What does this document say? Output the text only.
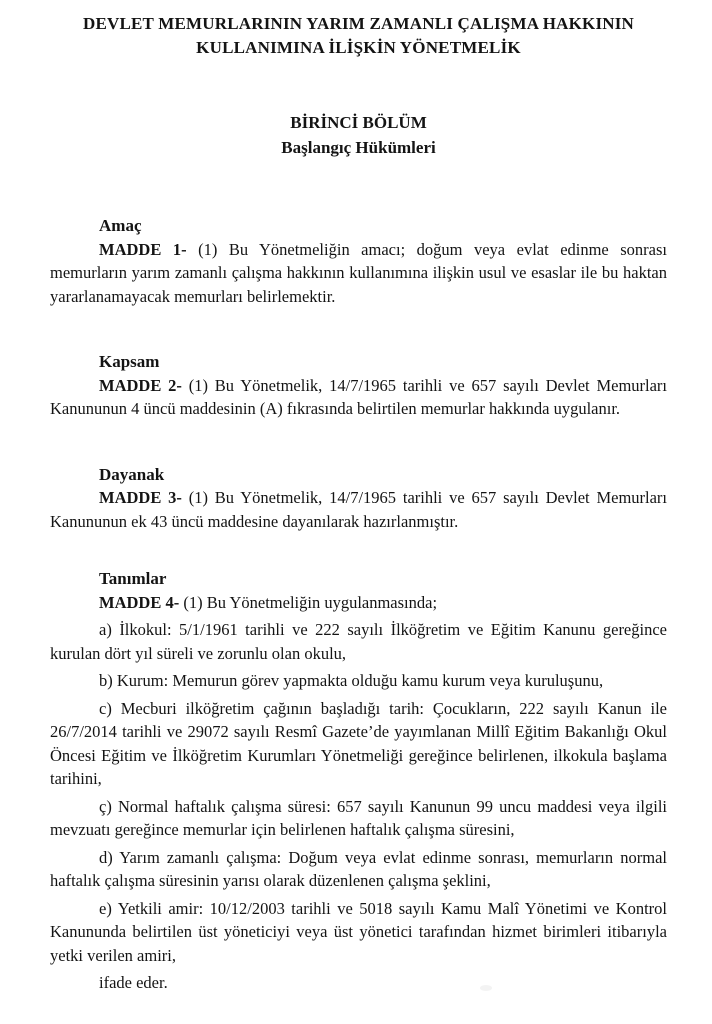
DEVLET MEMURLARININ YARIM ZAMANLI ÇALIŞMA HAKKININ
KULLANIMINA İLİŞKİN YÖNETMELİK
BİRİNCİ BÖLÜM
Başlangıç Hükümleri
Amaç

MADDE 1- (1) Bu Yönetmeliğin amacı; doğum veya evlat edinme sonrası memurların yarım zamanlı çalışma hakkının kullanımına ilişkin usul ve esaslar ile bu haktan yararlanamayacak memurları belirlemektir.

Kapsam

MADDE 2- (1) Bu Yönetmelik, 14/7/1965 tarihli ve 657 sayılı Devlet Memurları Kanununun 4 üncü maddesinin (A) fıkrasında belirtilen memurlar hakkında uygulanır.

Dayanak

MADDE 3- (1) Bu Yönetmelik, 14/7/1965 tarihli ve 657 sayılı Devlet Memurları Kanununun ek 43 üncü maddesine dayanılarak hazırlanmıştır.

Tanımlar

MADDE 4- (1) Bu Yönetmeliğin uygulanmasında;

a) İlkokul: 5/1/1961 tarihli ve 222 sayılı İlköğretim ve Eğitim Kanunu gereğince kurulan dört yıl süreli ve zorunlu olan okulu,

b) Kurum: Memurun görev yapmakta olduğu kamu kurum veya kuruluşunu,

c) Mecburi ilköğretim çağının başladığı tarih: Çocukların, 222 sayılı Kanun ile 26/7/2014 tarihli ve 29072 sayılı Resmî Gazete’de yayımlanan Millî Eğitim Bakanlığı Okul Öncesi Eğitim ve İlköğretim Kurumları Yönetmeliği gereğince belirlenen, ilkokula başlama tarihini,

ç) Normal haftalık çalışma süresi: 657 sayılı Kanunun 99 uncu maddesi veya ilgili mevzuatı gereğince memurlar için belirlenen haftalık çalışma süresini,

d) Yarım zamanlı çalışma: Doğum veya evlat edinme sonrası, memurların normal haftalık çalışma süresinin yarısı olarak düzenlenen çalışma şeklini,

e) Yetkili amir: 10/12/2003 tarihli ve 5018 sayılı Kamu Malî Yönetimi ve Kontrol Kanununda belirtilen üst yöneticiyi veya üst yönetici tarafından hizmet birimleri itibarıyla yetki verilen amiri,

ifade eder.
